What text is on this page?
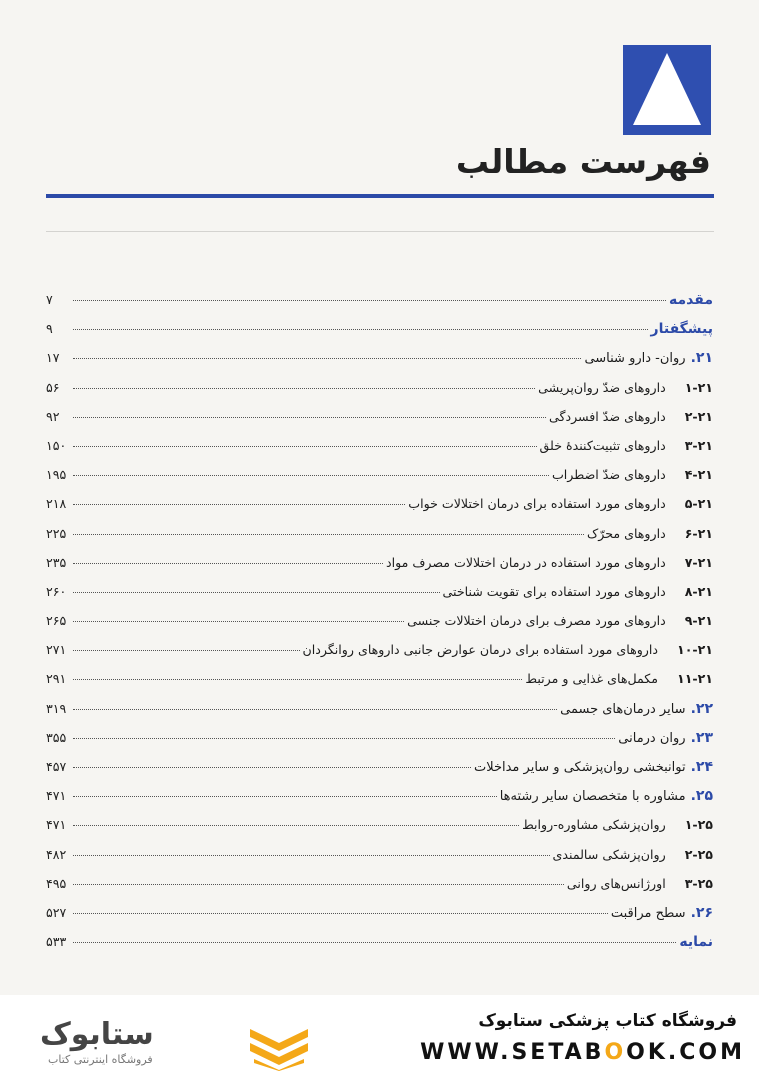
فهرست مطالب
مقدمه
۷
پیشگفتار
۹
.۲۱
روان- دارو شناسی
۱۷
۱-۲۱
داروهای ضدّ روان‌پریشی
۵۶
۲-۲۱
داروهای ضدّ افسردگی
۹۲
۳-۲۱
داروهای تثبیت‌کنندۀ خلق
۱۵۰
۴-۲۱
داروهای ضدّ اضطراب
۱۹۵
۵-۲۱
داروهای مورد استفاده برای درمان اختلالات خواب
۲۱۸
۶-۲۱
داروهای محرّک
۲۲۵
۷-۲۱
داروهای مورد استفاده در درمان اختلالات مصرف مواد
۲۳۵
۸-۲۱
داروهای مورد استفاده برای تقویت شناختی
۲۶۰
۹-۲۱
داروهای مورد مصرف برای درمان اختلالات جنسی
۲۶۵
۱۰-۲۱
داروهای مورد استفاده برای درمان عوارض جانبی داروهای روانگردان
۲۷۱
۱۱-۲۱
مکمل‌های غذایی و مرتبط
۲۹۱
.۲۲
سایر درمان‌های جسمی
۳۱۹
.۲۳
روان درمانی
۳۵۵
.۲۴
توانبخشی روان‌پزشکی و سایر مداخلات
۴۵۷
.۲۵
مشاوره با متخصصان سایر رشته‌ها
۴۷۱
۱-۲۵
روان‌پزشکی مشاوره-روابط
۴۷۱
۲-۲۵
روان‌پزشکی سالمندی
۴۸۲
۳-۲۵
اورژانس‌های روانی
۴۹۵
.۲۶
سطح مراقبت
۵۲۷
نمایه
۵۳۳
فروشگاه کتاب پزشکی ستابوک
WWW.SETABOOK.COM
ستابوک
فروشگاه اینترنتی کتاب
